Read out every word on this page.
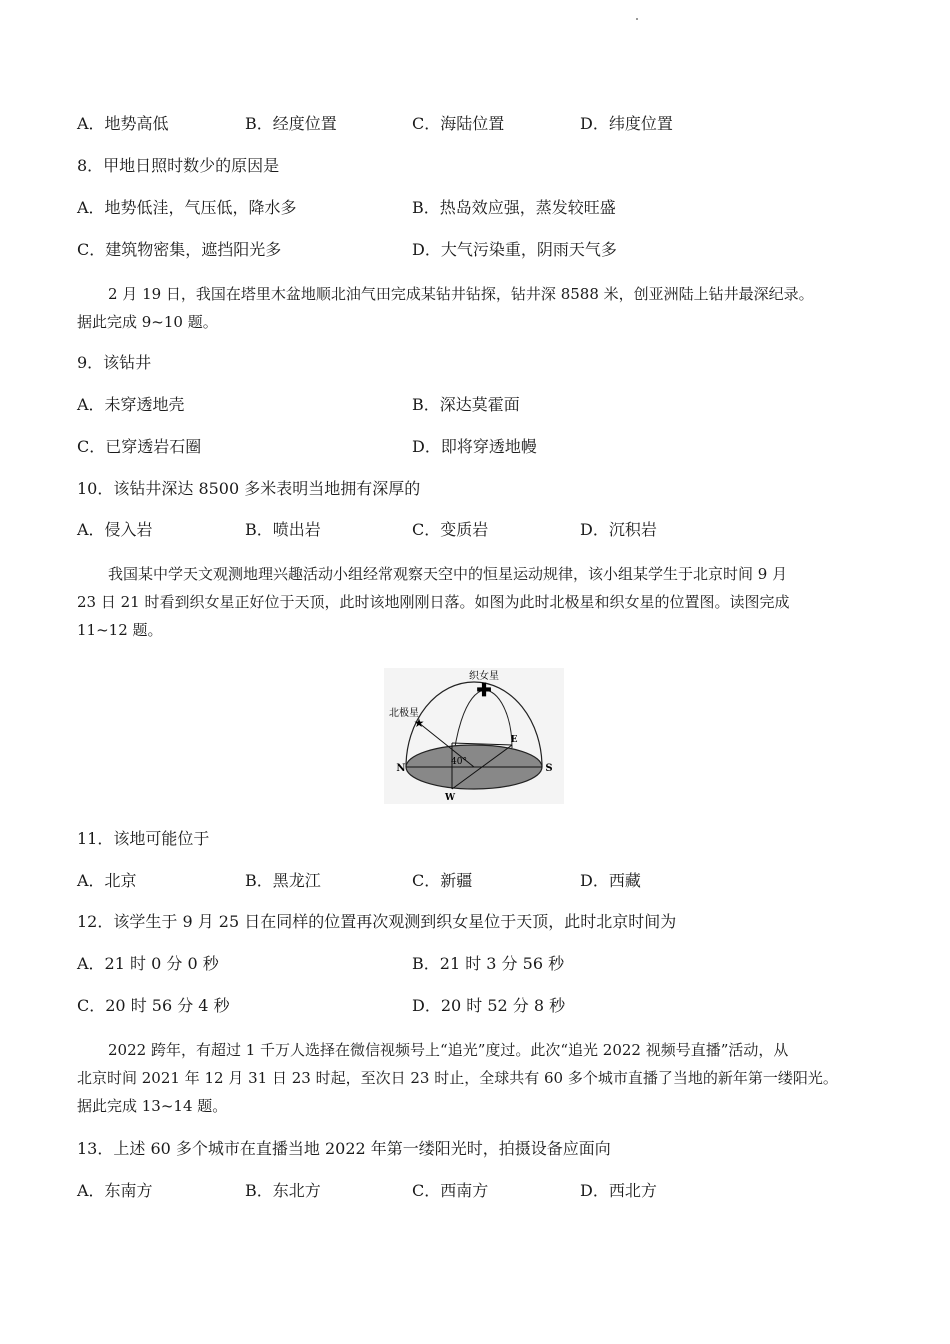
A．地势高低	B．经度位置	C．海陆位置	D．纬度位置
8．甲地日照时数少的原因是
A．地势低洼，气压低，降水多	B．热岛效应强，蒸发较旺盛
C．建筑物密集，遮挡阳光多	D．大气污染重，阴雨天气多
2 月 19 日，我国在塔里木盆地顺北油气田完成某钻井钻探，钻井深 8588 米，创亚洲陆上钻井最深纪录。
据此完成 9~10 题。
9．该钻井
A．未穿透地壳	B．深达莫霍面
C．已穿透岩石圈	D．即将穿透地幔
10．该钻井深达 8500 多米表明当地拥有深厚的
A．侵入岩	B．喷出岩	C．变质岩	D．沉积岩
我国某中学天文观测地理兴趣活动小组经常观察天空中的恒星运动规律，该小组某学生于北京时间 9 月
23 日 21 时看到织女星正好位于天顶，此时该地刚刚日落。如图为此时北极星和织女星的位置图。读图完成
11~12 题。
★
✚
织女星
北极星
N	S
E
W
40°
11．该地可能位于
A．北京	B．黑龙江	C．新疆	D．西藏
12．该学生于 9 月 25 日在同样的位置再次观测到织女星位于天顶，此时北京时间为
A．21 时 0 分 0 秒	B．21 时 3 分 56 秒
C．20 时 56 分 4 秒	D．20 时 52 分 8 秒
2022 跨年，有超过 1 千万人选择在微信视频号上“追光”度过。此次“追光 2022 视频号直播”活动，从
北京时间 2021 年 12 月 31 日 23 时起，至次日 23 时止，全球共有 60 多个城市直播了当地的新年第一缕阳光。
据此完成 13~14 题。
13．上述 60 多个城市在直播当地 2022 年第一缕阳光时，拍摄设备应面向
A．东南方	B．东北方	C．西南方	D．西北方
